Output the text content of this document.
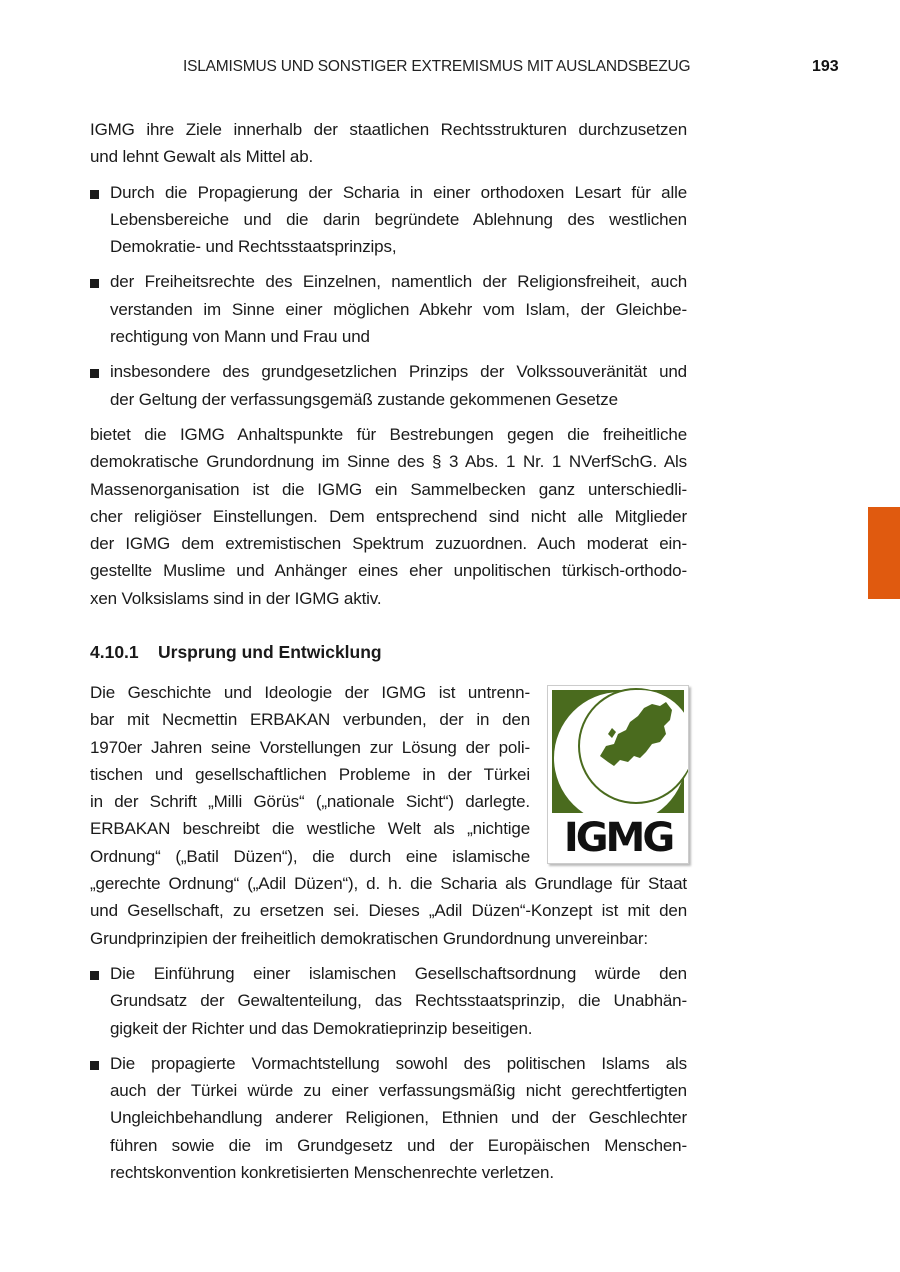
ISLAMISMUS UND SONSTIGER EXTREMISMUS MIT AUSLANDSBEZUG	193
IGMG ihre Ziele innerhalb der staatlichen Rechtsstrukturen durchzusetzen
und lehnt Gewalt als Mittel ab.
Durch die Propagierung der Scharia in einer orthodoxen Lesart für alle
Lebensbereiche und die darin begründete Ablehnung des westlichen
Demokratie- und Rechtsstaatsprinzips,
der Freiheitsrechte des Einzelnen, namentlich der Religionsfreiheit, auch
verstanden im Sinne einer möglichen Abkehr vom Islam, der Gleichbe-
rechtigung von Mann und Frau und
insbesondere des grundgesetzlichen Prinzips der Volkssouveränität und
der Geltung der verfassungsgemäß zustande gekommenen Gesetze
bietet die IGMG Anhaltspunkte für Bestrebungen gegen die freiheitliche
demokratische Grundordnung im Sinne des § 3 Abs. 1 Nr. 1 NVerfSchG. Als
Massenorganisation ist die IGMG ein Sammelbecken ganz unterschiedli-
cher religiöser Einstellungen. Dem entsprechend sind nicht alle Mitglieder
der IGMG dem extremistischen Spektrum zuzuordnen. Auch moderat ein-
gestellte Muslime und Anhänger eines eher unpolitischen türkisch-orthodo-
xen Volksislams sind in der IGMG aktiv.
4.10.1 Ursprung und Entwicklung
Die Geschichte und Ideologie der IGMG ist untrenn-
bar mit Necmettin ERBAKAN verbunden, der in den
1970er Jahren seine Vorstellungen zur Lösung der poli-
tischen und gesellschaftlichen Probleme in der Türkei
in der Schrift „Milli Görüs“ („nationale Sicht“) darlegte.
ERBAKAN beschreibt die westliche Welt als „nichtige
Ordnung“ („Batil Düzen“), die durch eine islamische
„gerechte Ordnung“ („Adil Düzen“), d. h. die Scharia als Grundlage für Staat
und Gesellschaft, zu ersetzen sei. Dieses „Adil Düzen“-Konzept ist mit den
Grundprinzipien der freiheitlich demokratischen Grundordnung unvereinbar:
Die Einführung einer islamischen Gesellschaftsordnung würde den
Grundsatz der Gewaltenteilung, das Rechtsstaatsprinzip, die Unabhän-
gigkeit der Richter und das Demokratieprinzip beseitigen.
Die propagierte Vormachtstellung sowohl des politischen Islams als
auch der Türkei würde zu einer verfassungsmäßig nicht gerechtfertigten
Ungleichbehandlung anderer Religionen, Ethnien und der Geschlechter
führen sowie die im Grundgesetz und der Europäischen Menschen-
rechtskonvention konkretisierten Menschenrechte verletzen.
IGMG
